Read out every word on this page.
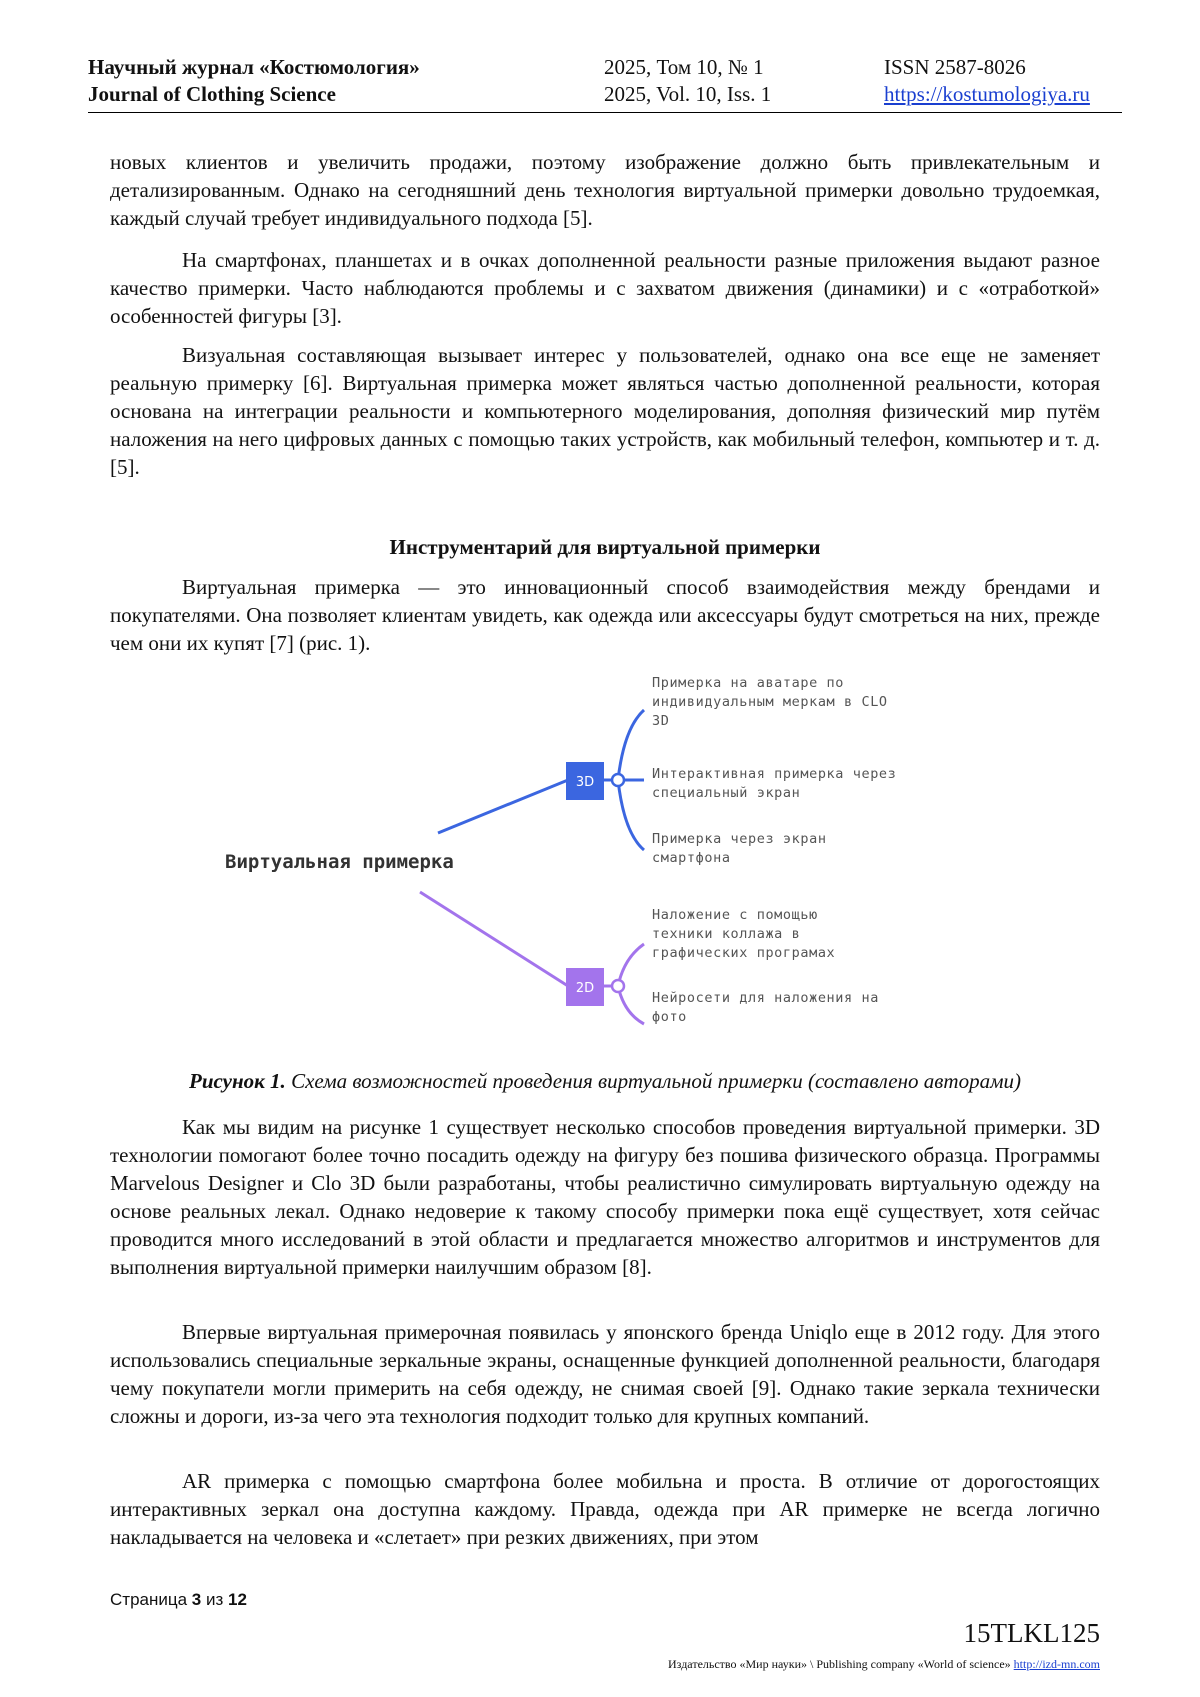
Научный журнал «Костюмология»
Journal of Clothing Science
2025, Том 10, № 1
2025, Vol. 10, Iss. 1
ISSN 2587-8026
https://kostumologiya.ru

новых клиентов и увеличить продажи, поэтому изображение должно быть привлекательным и детализированным. Однако на сегодняшний день технология виртуальной примерки довольно трудоемкая, каждый случай требует индивидуального подхода [5].

На смартфонах, планшетах и в очках дополненной реальности разные приложения выдают разное качество примерки. Часто наблюдаются проблемы и с захватом движения (динамики) и с «отработкой» особенностей фигуры [3].

Визуальная составляющая вызывает интерес у пользователей, однако она все еще не заменяет реальную примерку [6]. Виртуальная примерка может являться частью дополненной реальности, которая основана на интеграции реальности и компьютерного моделирования, дополняя физический мир путём наложения на него цифровых данных с помощью таких устройств, как мобильный телефон, компьютер и т. д. [5].

Инструментарий для виртуальной примерки

Виртуальная примерка — это инновационный способ взаимодействия между брендами и покупателями. Она позволяет клиентам увидеть, как одежда или аксессуары будут смотреться на них, прежде чем они их купят [7] (рис. 1).

Виртуальная примерка
3D
2D
Примерка на аватаре по индивидуальным меркам в CLO 3D
Интерактивная примерка через специальный экран
Примерка через экран смартфона
Наложение с помощью техники коллажа в графических програмах
Нейросети для наложения на фото
Рисунок 1. Схема возможностей проведения виртуальной примерки (составлено авторами)

Как мы видим на рисунке 1 существует несколько способов проведения виртуальной примерки. 3D технологии помогают более точно посадить одежду на фигуру без пошива физического образца. Программы Marvelous Designer и Clo 3D были разработаны, чтобы реалистично симулировать виртуальную одежду на основе реальных лекал. Однако недоверие к такому способу примерки пока ещё существует, хотя сейчас проводится много исследований в этой области и предлагается множество алгоритмов и инструментов для выполнения виртуальной примерки наилучшим образом [8].

Впервые виртуальная примерочная появилась у японского бренда Uniqlo еще в 2012 году. Для этого использовались специальные зеркальные экраны, оснащенные функцией дополненной реальности, благодаря чему покупатели могли примерить на себя одежду, не снимая своей [9]. Однако такие зеркала технически сложны и дороги, из-за чего эта технология подходит только для крупных компаний.

AR примерка с помощью смартфона более мобильна и проста. В отличие от дорогостоящих интерактивных зеркал она доступна каждому. Правда, одежда при AR примерке не всегда логично накладывается на человека и «слетает» при резких движениях, при этом

Страница 3 из 12
15TLKL125
Издательство «Мир науки» \ Publishing company «World of science» http://izd-mn.com
